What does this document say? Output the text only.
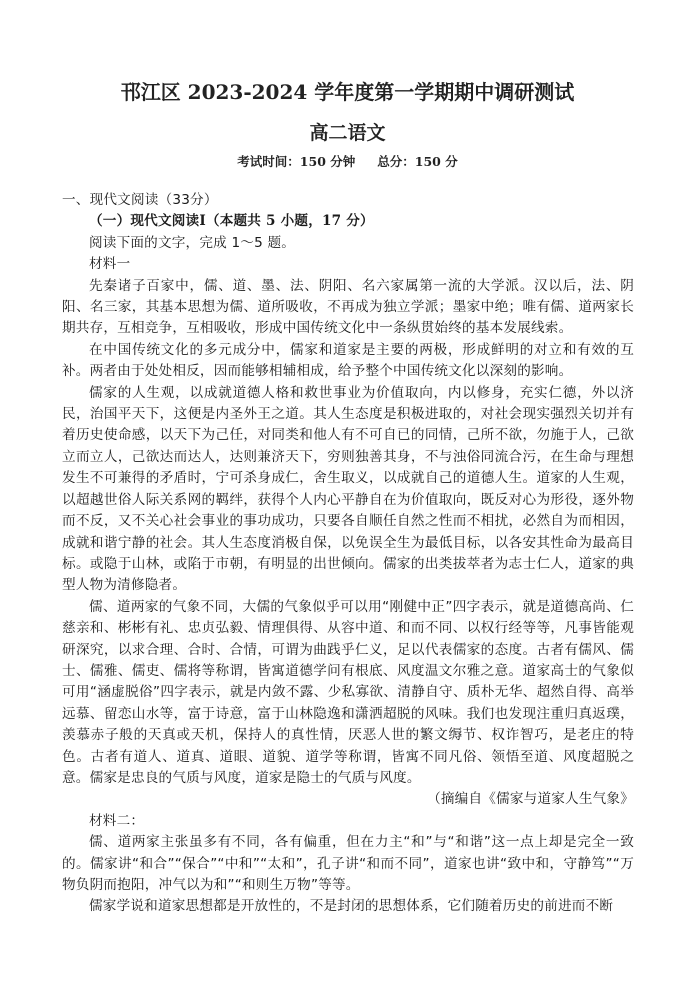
邗江区 2023-2024 学年度第一学期期中调研测试
高二语文
考试时间：150 分钟 总分：150 分

一、现代文阅读（33分）

（一）现代文阅读Ⅰ（本题共 5 小题，17 分）

阅读下面的文字，完成 1～5 题。

材料一

先秦诸子百家中，儒、道、墨、法、阴阳、名六家属第一流的大学派。汉以后，法、阴阳、名三家，其基本思想为儒、道所吸收，不再成为独立学派；墨家中绝；唯有儒、道两家长期共存，互相竞争，互相吸收，形成中国传统文化中一条纵贯始终的基本发展线索。

在中国传统文化的多元成分中，儒家和道家是主要的两极，形成鲜明的对立和有效的互补。两者由于处处相反，因而能够相辅相成，给予整个中国传统文化以深刻的影响。

儒家的人生观，以成就道德人格和救世事业为价值取向，内以修身，充实仁德，外以济民，治国平天下，这便是内圣外王之道。其人生态度是积极进取的，对社会现实强烈关切并有着历史使命感，以天下为己任，对同类和他人有不可自已的同情，己所不欲，勿施于人，己欲立而立人，己欲达而达人，达则兼济天下，穷则独善其身，不与浊俗同流合污，在生命与理想发生不可兼得的矛盾时，宁可杀身成仁，舍生取义，以成就自己的道德人生。道家的人生观，以超越世俗人际关系网的羁绊，获得个人内心平静自在为价值取向，既反对心为形役，逐外物而不反，又不关心社会事业的事功成功，只要各自顺任自然之性而不相扰，必然自为而相因，成就和谐宁静的社会。其人生态度消极自保，以免误全生为最低目标，以各安其性命为最高目标。或隐于山林，或陷于市朝，有明显的出世倾向。儒家的出类拔萃者为志士仁人，道家的典型人物为清修隐者。

儒、道两家的气象不同，大儒的气象似乎可以用“刚健中正”四字表示，就是道德高尚、仁慈亲和、彬彬有礼、忠贞弘毅、情理俱得、从容中道、和而不同、以权行经等等，凡事皆能观研深究，以求合理、合时、合情，可谓为曲践乎仁义，足以代表儒家的态度。古者有儒风、儒士、儒雅、儒吏、儒将等称谓，皆寓道德学问有根底、风度温文尔雅之意。道家高士的气象似可用“涵虚脱俗”四字表示，就是内敛不露、少私寡欲、清静自守、质朴无华、超然自得、高举远慕、留恋山水等，富于诗意，富于山林隐逸和潇洒超脱的风味。我们也发现注重归真返璞，羡慕赤子般的天真或天机，保持人的真性情，厌恶人世的繁文缛节、权诈智巧，是老庄的特色。古者有道人、道真、道眼、道貌、道学等称谓，皆寓不同凡俗、领悟至道、风度超脱之意。儒家是忠良的气质与风度，道家是隐士的气质与风度。

（摘编自《儒家与道家人生气象》

材料二：

儒、道两家主张虽多有不同，各有偏重，但在力主“和”与“和谐”这一点上却是完全一致的。儒家讲“和合”“保合”“中和”“太和”，孔子讲“和而不同”，道家也讲“致中和，守静笃”“万物负阴而抱阳，冲气以为和”“和则生万物”等等。

儒家学说和道家思想都是开放性的，不是封闭的思想体系，它们随着历史的前进而不断
